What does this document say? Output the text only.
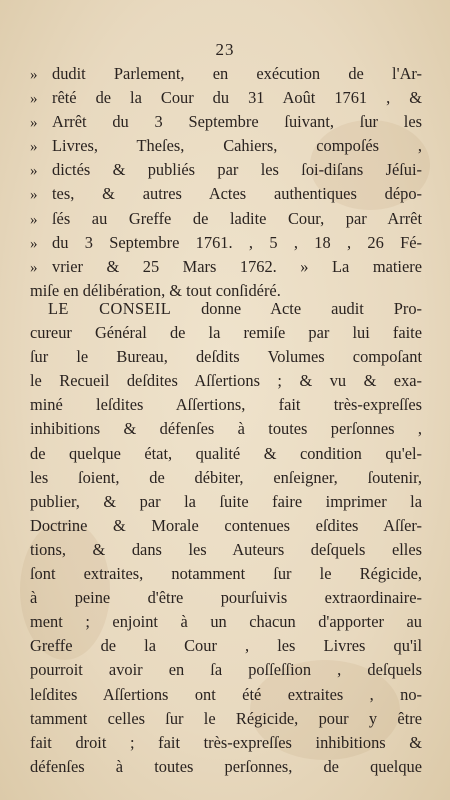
23
» dudit Parlement, en exécution de l'Ar-
» rêté de la Cour du 31 Août 1761 , &
» Arrêt du 3 Septembre ſuivant, ſur les
» Livres, Theſes, Cahiers, compoſés ,
» dictés & publiés par les ſoi-diſans Jéſui-
» tes, & autres Actes authentiques dépo-
» ſés au Greffe de ladite Cour, par Arrêt
» du 3 Septembre 1761. , 5 , 18 , 26 Fé-
» vrier & 25 Mars 1762. » La matiere
miſe en délibération, & tout conſidéré.
LE CONSEIL donne Acte audit Pro-
cureur Général de la remiſe par lui faite
ſur le Bureau, deſdits Volumes compoſant
le Recueil deſdites Aſſertions ; & vu & exa-
miné leſdites Aſſertions, fait très-expreſſes
inhibitions & défenſes à toutes perſonnes ,
de quelque état, qualité & condition qu'el-
les ſoient, de débiter, enſeigner, ſoutenir,
publier, & par la ſuite faire imprimer la
Doctrine & Morale contenues eſdites Aſſer-
tions, & dans les Auteurs deſquels elles
ſont extraites, notamment ſur le Régicide,
à peine d'être pourſuivis extraordinaire-
ment ; enjoint à un chacun d'apporter au
Greffe de la Cour , les Livres qu'il
pourroit avoir en ſa poſſeſſion , deſquels
leſdites Aſſertions ont été extraites , no-
tamment celles ſur le Régicide, pour y être
fait droit ; fait très-expreſſes inhibitions &
défenſes à toutes perſonnes, de quelque
